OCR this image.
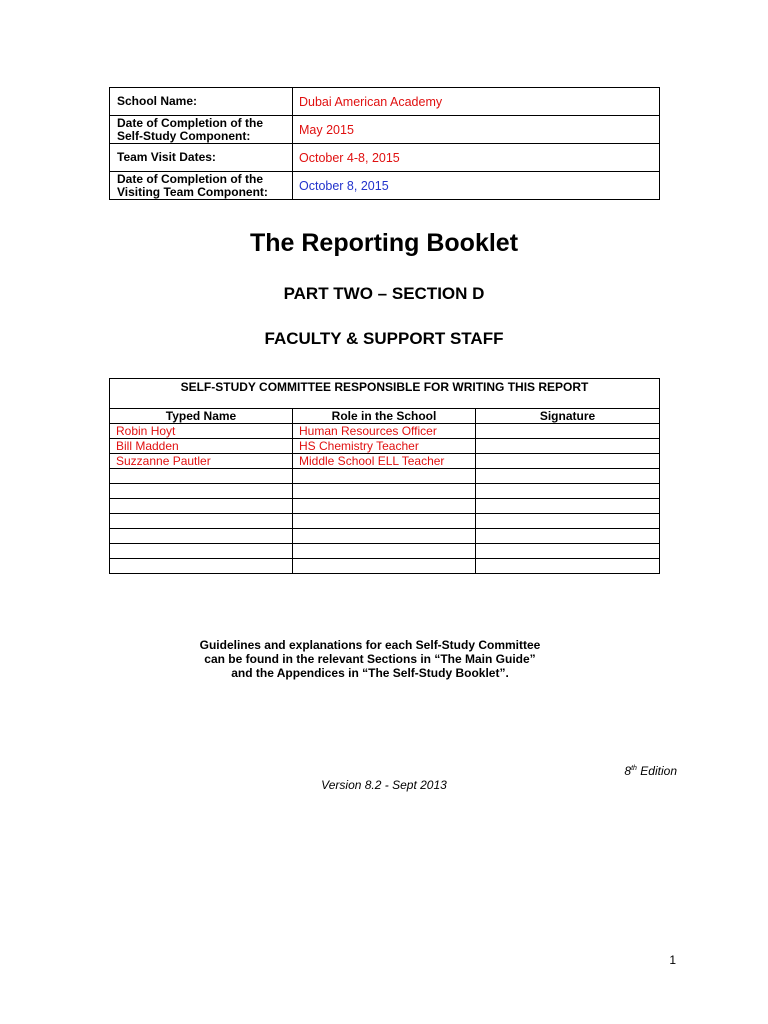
School Name:	Dubai American Academy
Date of Completion of the Self-Study Component:	May 2015
Team Visit Dates:	October 4-8, 2015
Date of Completion of the Visiting Team Component:	October 8, 2015
The Reporting Booklet
PART TWO – SECTION D
FACULTY & SUPPORT STAFF
SELF-STUDY COMMITTEE RESPONSIBLE FOR WRITING THIS REPORT		
Typed Name	Role in the School	Signature
Robin Hoyt	Human Resources Officer	
Bill Madden	HS Chemistry Teacher	
Suzzanne Pautler	Middle School ELL Teacher	

Guidelines and explanations for each Self-Study Committee
can be found in the relevant Sections in “The Main Guide”
and the Appendices in “The Self-Study Booklet”.
8th Edition
Version 8.2 - Sept 2013
1
